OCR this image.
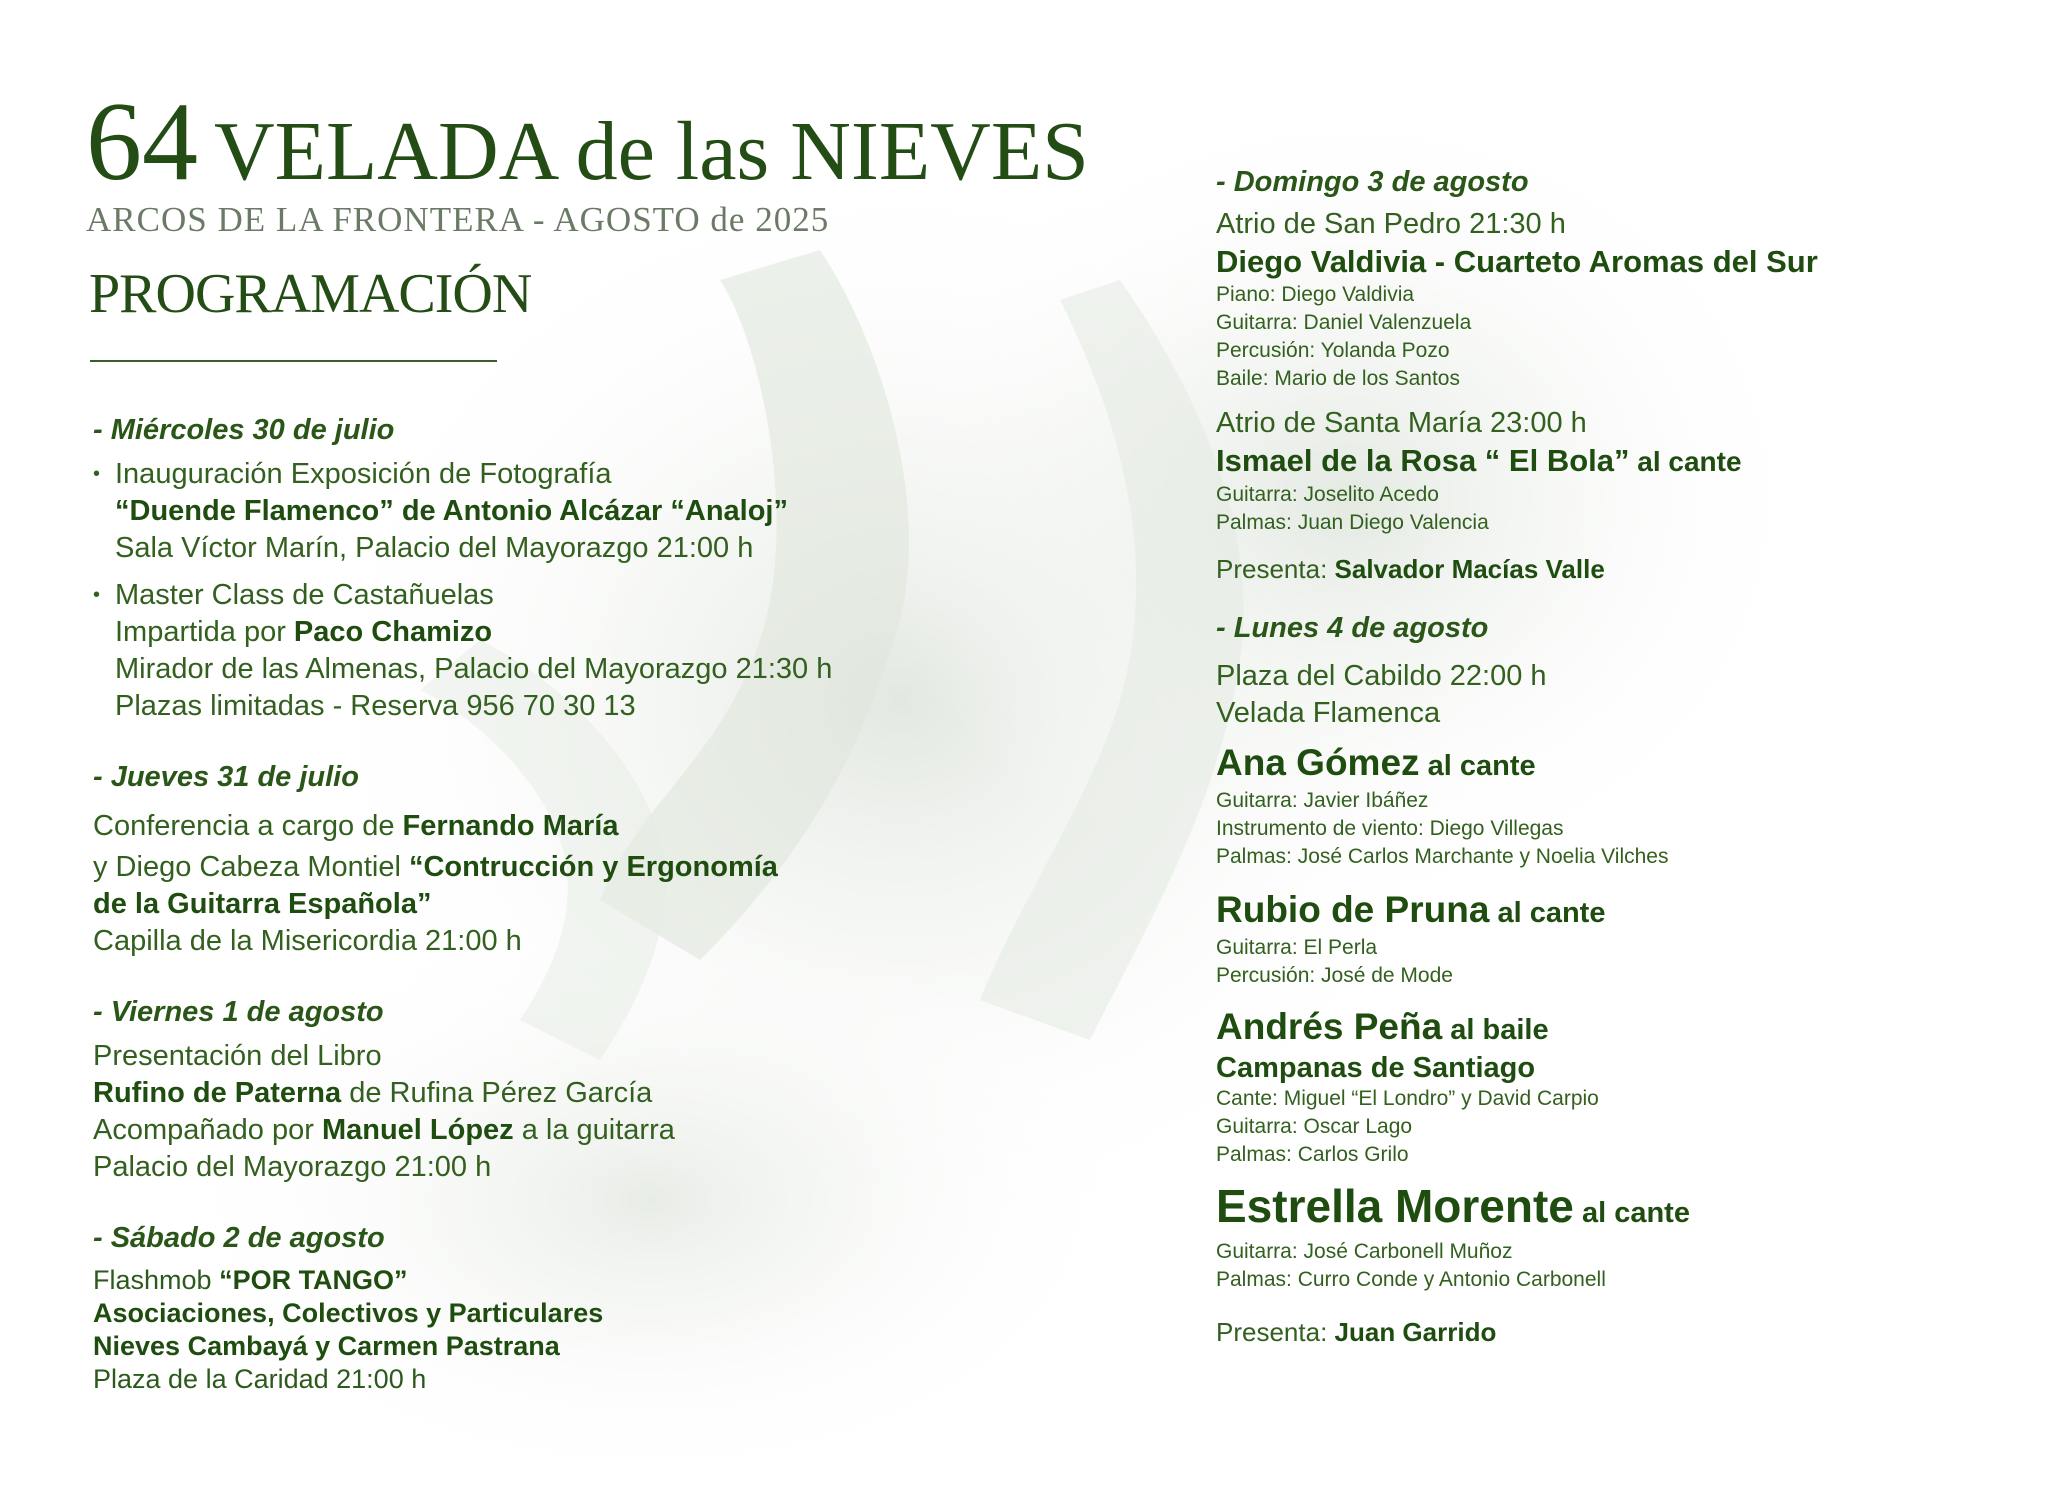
64 VELADA de las NIEVES
ARCOS DE LA FRONTERA - AGOSTO de 2025
PROGRAMACIÓN
- Miércoles 30 de julio
• Inauguración Exposición de Fotografía
“Duende Flamenco” de Antonio Alcázar “Analoj”
Sala Víctor Marín, Palacio del Mayorazgo 21:00 h
• Master Class de Castañuelas
Impartida por Paco Chamizo
Mirador de las Almenas, Palacio del Mayorazgo 21:30 h
Plazas limitadas - Reserva 956 70 30 13
- Jueves 31 de julio
Conferencia a cargo de Fernando María
y Diego Cabeza Montiel “Contrucción y Ergonomía
de la Guitarra Española”
Capilla de la Misericordia 21:00 h
- Viernes 1 de agosto
Presentación del Libro
Rufino de Paterna de Rufina Pérez García
Acompañado por Manuel López a la guitarra
Palacio del Mayorazgo 21:00 h
- Sábado 2 de agosto
Flashmob “POR TANGO”
Asociaciones, Colectivos y Particulares
Nieves Cambayá y Carmen Pastrana
Plaza de la Caridad 21:00 h
- Domingo 3 de agosto
Atrio de San Pedro 21:30 h
Diego Valdivia - Cuarteto Aromas del Sur
Piano: Diego Valdivia
Guitarra: Daniel Valenzuela
Percusión: Yolanda Pozo
Baile: Mario de los Santos
Atrio de Santa María 23:00 h
Ismael de la Rosa “ El Bola” al cante
Guitarra: Joselito Acedo
Palmas: Juan Diego Valencia
Presenta: Salvador Macías Valle
- Lunes 4 de agosto
Plaza del Cabildo 22:00 h
Velada Flamenca
Ana Gómez al cante
Guitarra: Javier Ibáñez
Instrumento de viento: Diego Villegas
Palmas: José Carlos Marchante y Noelia Vilches
Rubio de Pruna al cante
Guitarra: El Perla
Percusión: José de Mode
Andrés Peña al baile
Campanas de Santiago
Cante: Miguel “El Londro” y David Carpio
Guitarra: Oscar Lago
Palmas: Carlos Grilo
Estrella Morente al cante
Guitarra: José Carbonell Muñoz
Palmas: Curro Conde y Antonio Carbonell
Presenta: Juan Garrido
